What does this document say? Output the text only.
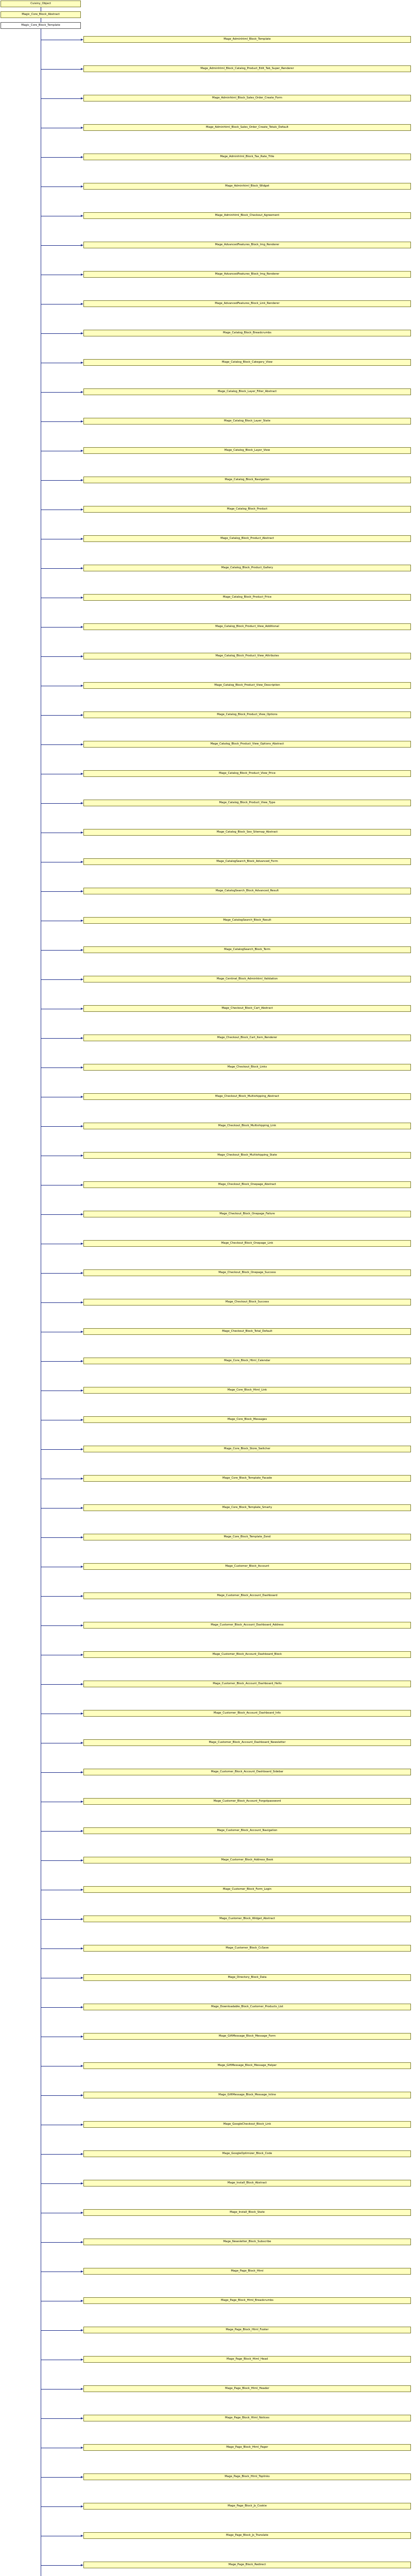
Cuisiny_Object
Magic_Core_Block_Abstract
Magic_Core_Block_Template
Mage_Adminhtml_Block_Template
Mage_Adminhtml_Block_Catalog_Product_Edit_Tab_Super_Renderer
Mage_Adminhtml_Block_Sales_Order_Create_Form
Mage_Adminhtml_Block_Sales_Order_Create_Totals_Default
Mage_Adminhtml_Block_Tax_Rate_Title
Mage_Adminhtml_Block_Widget
Mage_Adminhtml_Block_Checkout_Agreement
Mage_AdvancedFeatures_Block_Img_Renderer
Mage_AdvancedFeatures_Block_Img_Renderer
Mage_AdvancedFeatures_Block_Link_Renderer
Mage_Catalog_Block_Breadcrumbs
Mage_Catalog_Block_Category_View
Mage_Catalog_Block_Layer_Filter_Abstract
Mage_Catalog_Block_Layer_State
Mage_Catalog_Block_Layer_View
Mage_Catalog_Block_Navigation
Mage_Catalog_Block_Product
Mage_Catalog_Block_Product_Abstract
Mage_Catalog_Block_Product_Gallery
Mage_Catalog_Block_Product_Price
Mage_Catalog_Block_Product_View_Additional
Mage_Catalog_Block_Product_View_Attributes
Mage_Catalog_Block_Product_View_Description
Mage_Catalog_Block_Product_View_Options
Mage_Catalog_Block_Product_View_Options_Abstract
Mage_Catalog_Block_Product_View_Price
Mage_Catalog_Block_Product_View_Type
Mage_Catalog_Block_Seo_Sitemap_Abstract
Mage_CatalogSearch_Block_Advanced_Form
Mage_CatalogSearch_Block_Advanced_Result
Mage_CatalogSearch_Block_Result
Mage_CatalogSearch_Block_Term
Mage_Centinel_Block_Adminhtml_Validation
Mage_Checkout_Block_Cart_Abstract
Mage_Checkout_Block_Cart_Item_Renderer
Mage_Checkout_Block_Links
Mage_Checkout_Block_Multishipping_Abstract
Mage_Checkout_Block_Multishipping_Link
Mage_Checkout_Block_Multishipping_State
Mage_Checkout_Block_Onepage_Abstract
Mage_Checkout_Block_Onepage_Failure
Mage_Checkout_Block_Onepage_Link
Mage_Checkout_Block_Onepage_Success
Mage_Checkout_Block_Success
Mage_Checkout_Block_Total_Default
Mage_Core_Block_Html_Calendar
Mage_Core_Block_Html_Link
Mage_Core_Block_Messages
Mage_Core_Block_Store_Switcher
Mage_Core_Block_Template_Facade
Mage_Core_Block_Template_Smarty
Mage_Core_Block_Template_Zend
Mage_Customer_Block_Account
Mage_Customer_Block_Account_Dashboard
Mage_Customer_Block_Account_Dashboard_Address
Mage_Customer_Block_Account_Dashboard_Block
Mage_Customer_Block_Account_Dashboard_Hello
Mage_Customer_Block_Account_Dashboard_Info
Mage_Customer_Block_Account_Dashboard_Newsletter
Mage_Customer_Block_Account_Dashboard_Sidebar
Mage_Customer_Block_Account_Forgotpassword
Mage_Customer_Block_Account_Navigation
Mage_Customer_Block_Address_Book
Mage_Customer_Block_Form_Login
Mage_Customer_Block_Widget_Abstract
Mage_Customer_Block_CcSave
Mage_Directory_Block_Data
Mage_Downloadable_Block_Customer_Products_List
Mage_GiftMessage_Block_Message_Form
Mage_GiftMessage_Block_Message_Helper
Mage_GiftMessage_Block_Message_Inline
Mage_GoogleCheckout_Block_Link
Mage_GoogleOptimizer_Block_Code
Mage_Install_Block_Abstract
Mage_Install_Block_State
Mage_Newsletter_Block_Subscribe
Mage_Page_Block_Html
Mage_Page_Block_Html_Breadcrumbs
Mage_Page_Block_Html_Footer
Mage_Page_Block_Html_Head
Mage_Page_Block_Html_Header
Mage_Page_Block_Html_Notices
Mage_Page_Block_Html_Pager
Mage_Page_Block_Html_Toplinks
Mage_Page_Block_Js_Cookie
Mage_Page_Block_Js_Translate
Mage_Page_Block_Redirect
